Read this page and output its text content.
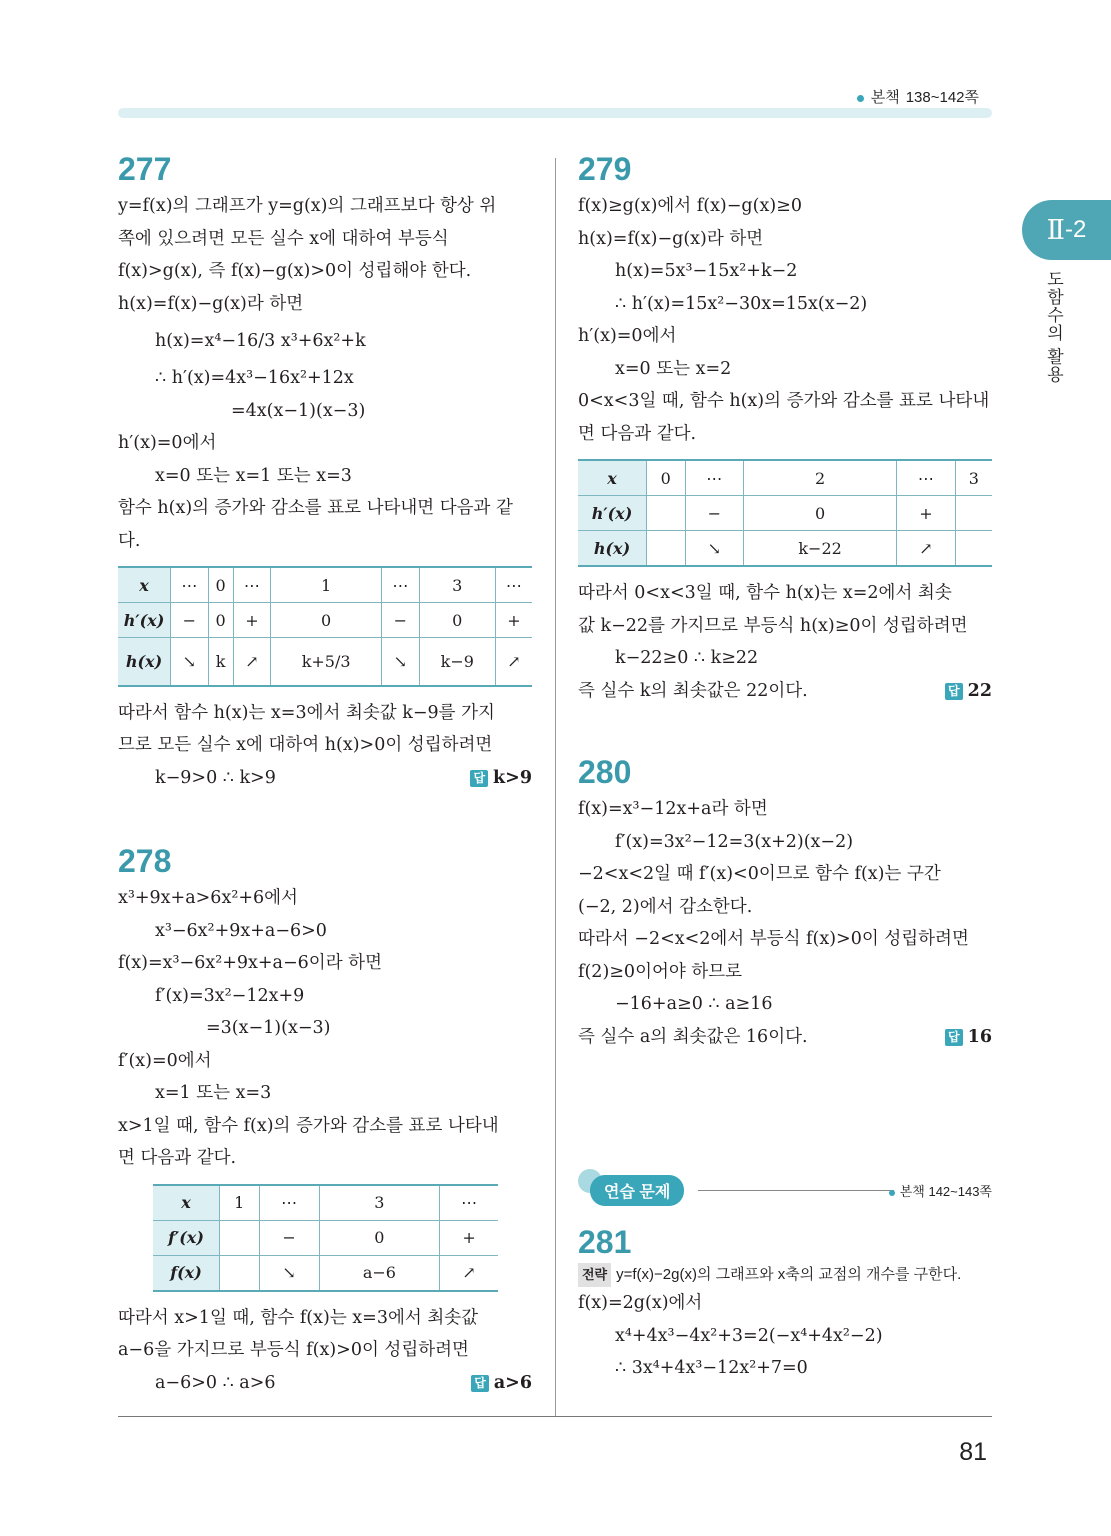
본책 138~142쪽
Ⅱ -2
도함수의 활용
277
y=f(x)의 그래프가 y=g(x)의 그래프보다 항상 위
쪽에 있으려면 모든 실수 x에 대하여 부등식
f(x)>g(x), 즉 f(x)−g(x)>0이 성립해야 한다.
h(x)=f(x)−g(x)라 하면
h(x)=x⁴−16/3 x³+6x²+k
∴ h′(x)=4x³−16x²+12x
=4x(x−1)(x−3)
h′(x)=0에서
x=0 또는 x=1 또는 x=3
함수 h(x)의 증가와 감소를 표로 나타내면 다음과 같다.
x	⋯	0	⋯	1	⋯	3	⋯
h′(x)	−	0	+	0	−	0	+
h(x)	↘	k	↗	k+5/3	↘	k−9	↗
따라서 함수 h(x)는 x=3에서 최솟값 k−9를 가지
므로 모든 실수 x에 대하여 h(x)>0이 성립하려면
k−9>0 ∴ k>9	답 k>9
278
x³+9x+a>6x²+6에서
x³−6x²+9x+a−6>0
f(x)=x³−6x²+9x+a−6이라 하면
f′(x)=3x²−12x+9
=3(x−1)(x−3)
f′(x)=0에서
x=1 또는 x=3
x>1일 때, 함수 f(x)의 증가와 감소를 표로 나타내
면 다음과 같다.
x	1	⋯	3	⋯
f′(x)		−	0	+
f(x)		↘	a−6	↗
따라서 x>1일 때, 함수 f(x)는 x=3에서 최솟값
a−6을 가지므로 부등식 f(x)>0이 성립하려면
a−6>0 ∴ a>6	답 a>6
279
f(x)≥g(x)에서 f(x)−g(x)≥0
h(x)=f(x)−g(x)라 하면
h(x)=5x³−15x²+k−2
∴ h′(x)=15x²−30x=15x(x−2)
h′(x)=0에서
x=0 또는 x=2
0<x<3일 때, 함수 h(x)의 증가와 감소를 표로 나타내면 다음과 같다.
x	0	⋯	2	⋯	3
h′(x)		−	0	+	
h(x)		↘	k−22	↗	
따라서 0<x<3일 때, 함수 h(x)는 x=2에서 최솟
값 k−22를 가지므로 부등식 h(x)≥0이 성립하려면
k−22≥0 ∴ k≥22
즉 실수 k의 최솟값은 22이다.	답 22
280
f(x)=x³−12x+a라 하면
f′(x)=3x²−12=3(x+2)(x−2)
−2<x<2일 때 f′(x)<0이므로 함수 f(x)는 구간
(−2, 2)에서 감소한다.
따라서 −2<x<2에서 부등식 f(x)>0이 성립하려면
f(2)≥0이어야 하므로
−16+a≥0 ∴ a≥16
즉 실수 a의 최솟값은 16이다.	답 16
연습 문제	본책 142~143쪽
281
전략 y=f(x)−2g(x)의 그래프와 x축의 교점의 개수를 구한다.
f(x)=2g(x)에서
x⁴+4x³−4x²+3=2(−x⁴+4x²−2)
∴ 3x⁴+4x³−12x²+7=0
81
